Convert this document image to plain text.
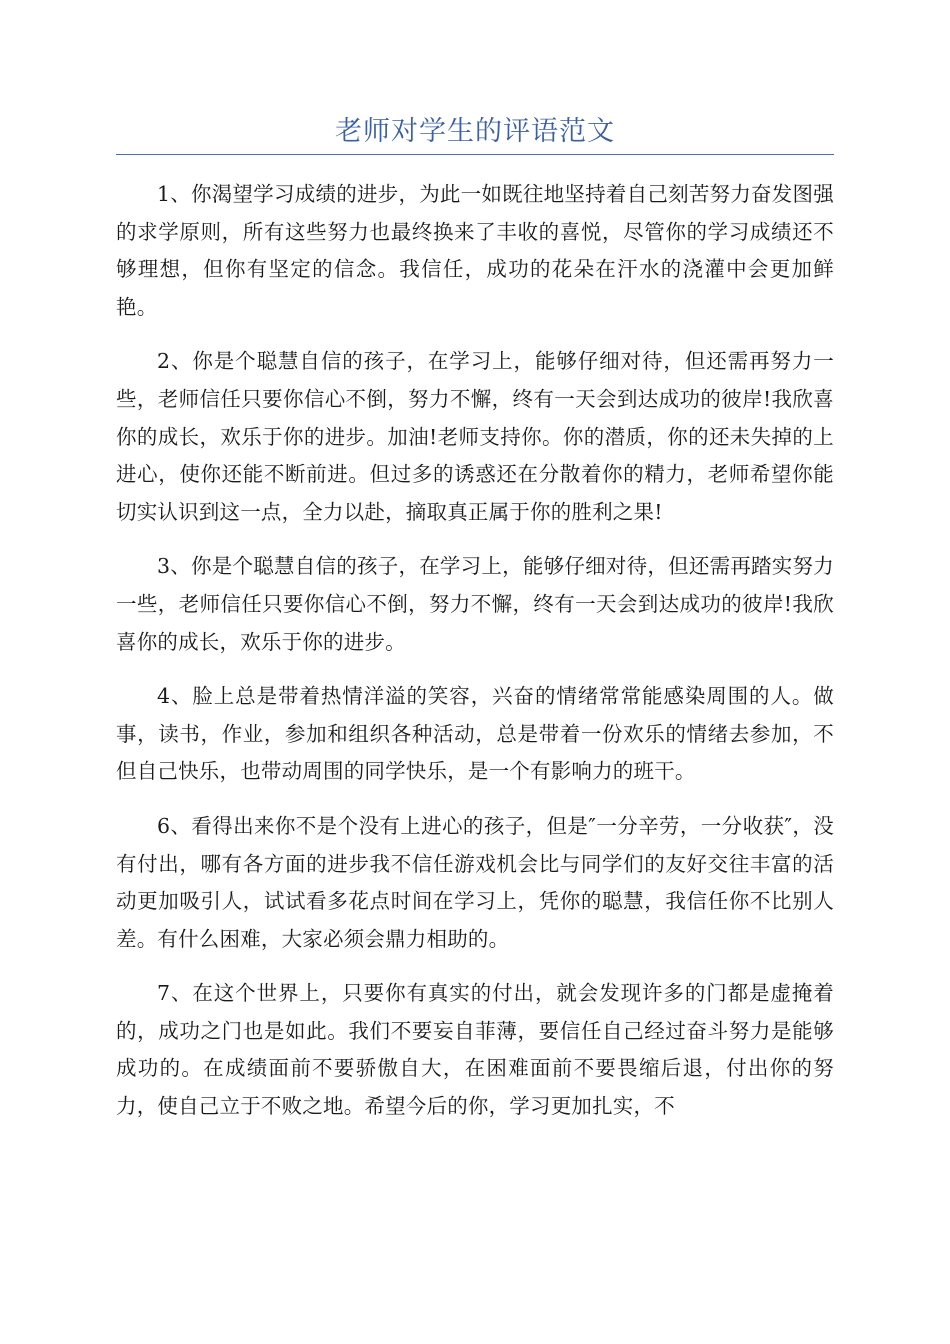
老师对学生的评语范文

1、你渴望学习成绩的进步，为此一如既往地坚持着自己刻苦努力奋发图强的求学原则，所有这些努力也最终换来了丰收的喜悦，尽管你的学习成绩还不够理想，但你有坚定的信念。我信任，成功的花朵在汗水的浇灌中会更加鲜艳。

2、你是个聪慧自信的孩子，在学习上，能够仔细对待，但还需再努力一些，老师信任只要你信心不倒，努力不懈，终有一天会到达成功的彼岸!我欣喜你的成长，欢乐于你的进步。加油!老师支持你。你的潜质，你的还未失掉的上进心，使你还能不断前进。但过多的诱惑还在分散着你的精力，老师希望你能切实认识到这一点，全力以赴，摘取真正属于你的胜利之果!

3、你是个聪慧自信的孩子，在学习上，能够仔细对待，但还需再踏实努力一些，老师信任只要你信心不倒，努力不懈，终有一天会到达成功的彼岸!我欣喜你的成长，欢乐于你的进步。

4、脸上总是带着热情洋溢的笑容，兴奋的情绪常常能感染周围的人。做事，读书，作业，参加和组织各种活动，总是带着一份欢乐的情绪去参加，不但自己快乐，也带动周围的同学快乐，是一个有影响力的班干。

6、看得出来你不是个没有上进心的孩子，但是″一分辛劳，一分收获″，没有付出，哪有各方面的进步我不信任游戏机会比与同学们的友好交往丰富的活动更加吸引人，试试看多花点时间在学习上，凭你的聪慧，我信任你不比别人差。有什么困难，大家必须会鼎力相助的。

7、在这个世界上，只要你有真实的付出，就会发现许多的门都是虚掩着的，成功之门也是如此。我们不要妄自菲薄，要信任自己经过奋斗努力是能够成功的。在成绩面前不要骄傲自大，在困难面前不要畏缩后退，付出你的努力，使自己立于不败之地。希望今后的你，学习更加扎实，不
